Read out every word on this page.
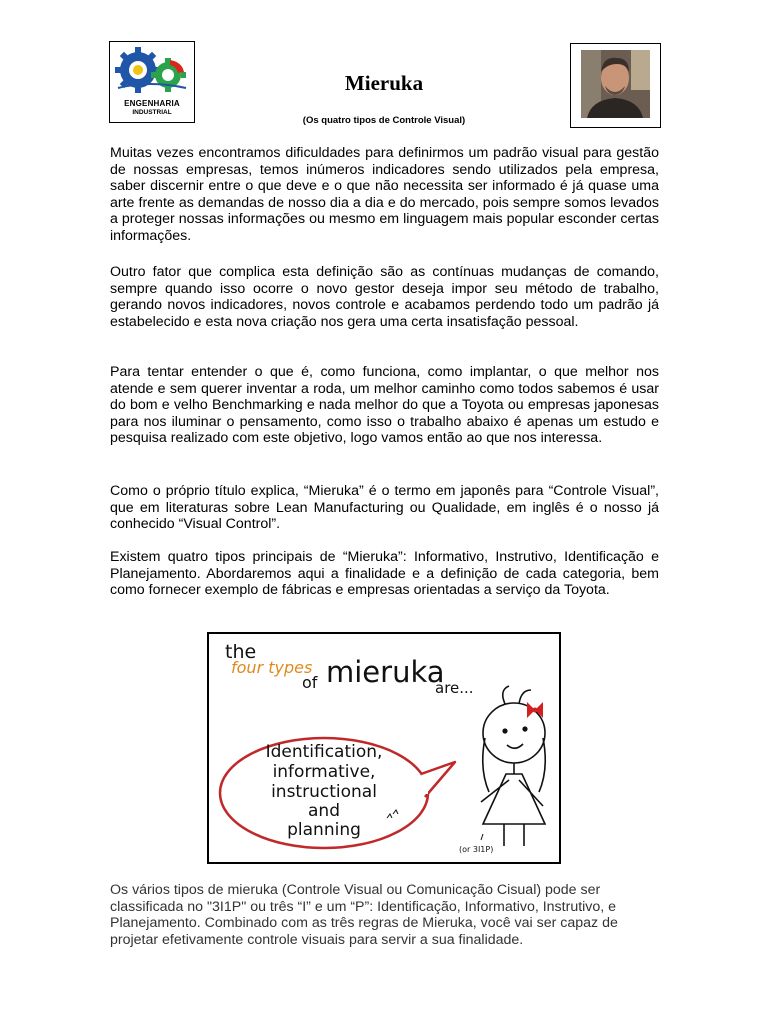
ENGENHARIA
INDUSTRIAL
Mieruka
(Os quatro tipos de Controle Visual)

Muitas vezes encontramos dificuldades para definirmos um padrão visual para gestão de nossas empresas, temos inúmeros indicadores sendo utilizados pela empresa, saber discernir entre o que deve e o que não necessita ser informado é já quase uma arte frente as demandas de nosso dia a dia e do mercado, pois sempre somos levados a proteger nossas informações ou mesmo em linguagem mais popular esconder certas informações.

Outro fator que complica esta definição são as contínuas mudanças de comando, sempre quando isso ocorre o novo gestor deseja impor seu método de trabalho, gerando novos indicadores, novos controle e acabamos perdendo todo um padrão já estabelecido e esta nova criação nos gera uma certa insatisfação pessoal.

Para tentar entender o que é, como funciona, como implantar, o que melhor nos atende e sem querer inventar a roda, um melhor caminho como todos sabemos é usar do bom e velho Benchmarking e nada melhor do que a Toyota ou empresas japonesas para nos iluminar o pensamento, como isso o trabalho abaixo é apenas um estudo e pesquisa realizado com este objetivo, logo vamos então ao que nos interessa.

Como o próprio título explica, “Mieruka” é o termo em japonês para “Controle Visual”, que em literaturas sobre Lean Manufacturing ou Qualidade, em inglês é o nosso já conhecido “Visual Control”.

Existem quatro tipos principais de “Mieruka”: Informativo, Instrutivo, Identificação e Planejamento. Abordaremos aqui a finalidade e a definição de cada categoria, bem como fornecer exemplo de fábricas e empresas orientadas a serviço da Toyota.

the
four types
of mieruka
are...
Identification,
informative,
instructional
and
planning
(or 3I1P)

Os vários tipos de mieruka (Controle Visual ou Comunicação Cisual) pode ser classificada no "3I1P" ou três “I” e um “P”: Identificação, Informativo, Instrutivo, e Planejamento. Combinado com as três regras de Mieruka, você vai ser capaz de projetar efetivamente controle visuais para servir a sua finalidade.
